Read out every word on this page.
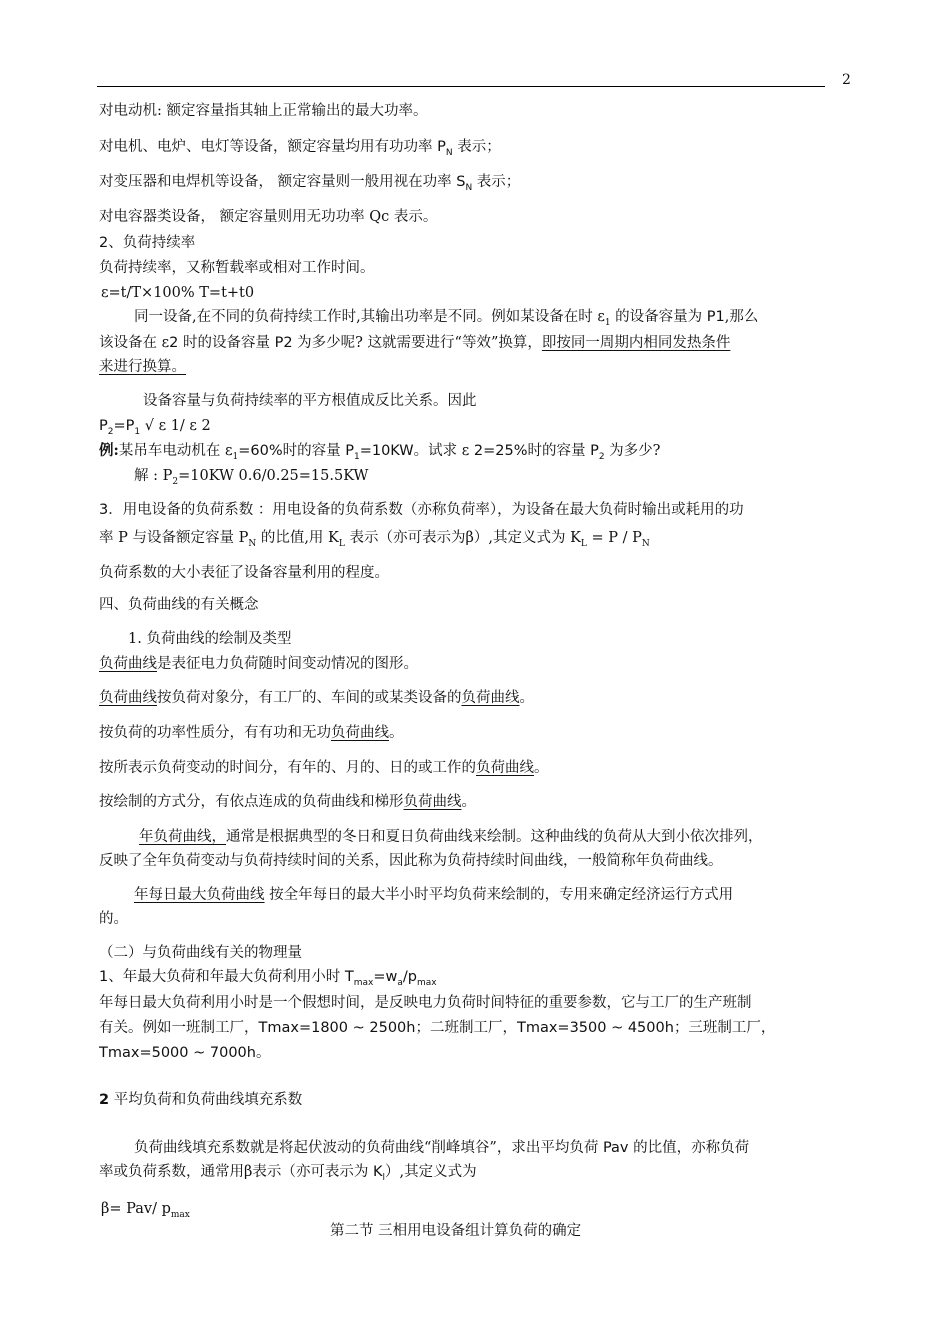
2
对电动机: 额定容量指其轴上正常输出的最大功率。
对电机、电炉、电灯等设备，额定容量均用有功功率 $P_N$ 表示；
对变压器和电焊机等设备， 额定容量则一般用视在功率 $S_N$ 表示；
对电容器类设备， 额定容量则用无功功率 Qc 表示。
2、负荷持续率
负荷持续率，又称暂载率或相对工作时间。
ε=t/T×100% T=t+t0
同一设备,在不同的负荷持续工作时,其输出功率是不同。例如某设备在时 $\varepsilon_1$ 的设备容量为 P1,那么
该设备在 ε2 时的设备容量 P2 为多少呢? 这就需要进行“等效”换算，即按同一周期内相同发热条件
来进行换算。
设备容量与负荷持续率的平方根值成反比关系。因此
$P_2=P_1$ √ ε 1/ ε 2
例:某吊车电动机在 $\varepsilon_1=60\%$时的容量 $P_1=10KW$。试求 ε 2=25%时的容量 $P_2$ 为多少?
解 : $P_2=10KW$ 0.6/0.25=15.5KW
3．用电设备的负荷系数 ：用电设备的负荷系数（亦称负荷率），为设备在最大负荷时输出或耗用的功
率 P 与设备额定容量 $P_N$ 的比值,用 $K_L$ 表示（亦可表示为β）,其定义式为 $K_L = P / P_N$
负荷系数的大小表征了设备容量利用的程度。
四、负荷曲线的有关概念
1. 负荷曲线的绘制及类型
负荷曲线是表征电力负荷随时间变动情况的图形。
负荷曲线按负荷对象分，有工厂的、车间的或某类设备的负荷曲线。
按负荷的功率性质分，有有功和无功负荷曲线。
按所表示负荷变动的时间分，有年的、月的、日的或工作的负荷曲线。
按绘制的方式分，有依点连成的负荷曲线和梯形负荷曲线。
年负荷曲线，通常是根据典型的冬日和夏日负荷曲线来绘制。这种曲线的负荷从大到小依次排列，
反映了全年负荷变动与负荷持续时间的关系，因此称为负荷持续时间曲线，一般简称年负荷曲线。
年每日最大负荷曲线 按全年每日的最大半小时平均负荷来绘制的，专用来确定经济运行方式用
的。
（二）与负荷曲线有关的物理量
1、年最大负荷和年最大负荷利用小时 $T_{max}=w_a/p_{max}$
年每日最大负荷利用小时是一个假想时间，是反映电力负荷时间特征的重要参数，它与工厂的生产班制
有关。例如一班制工厂，Tmax=1800 ~ 2500h；二班制工厂，Tmax=3500 ~ 4500h；三班制工厂，
Tmax=5000 ~ 7000h。
2 平均负荷和负荷曲线填充系数
负荷曲线填充系数就是将起伏波动的负荷曲线“削峰填谷”，求出平均负荷 Pav 的比值，亦称负荷
率或负荷系数，通常用β表示（亦可表示为 $K_l$）,其定义式为
β= Pav/ $p_{max}$
第二节 三相用电设备组计算负荷的确定
